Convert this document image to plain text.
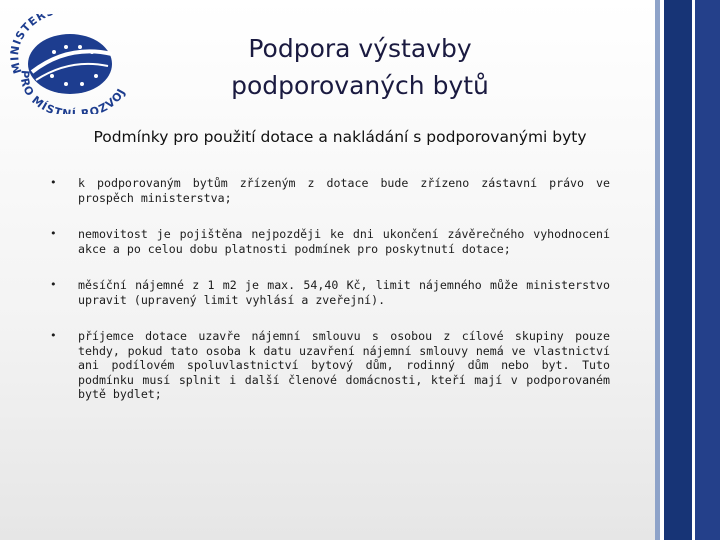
MINISTER
PRO MÍSTN ROZVOJ
Podpora výstavby podporovaných bytů
Podmínky pro použití dotace a nakládání s podporovanými byty
• k podporovaným bytům zřízeným z dotace bude zřízeno zástavní právo ve prospěch ministerstva;
• nemovitost je pojištěna nejpozději ke dni ukončení závěrečného vyhodnocení akce a po celou dobu platnosti podmínek pro poskytnutí dotace;
• měsíční nájemné z 1 m2 je max. 54,40 Kč, limit nájemného může ministerstvo upravit (upravený limit vyhlásí a zveřejní).
• příjemce dotace uzavře nájemní smlouvu s osobou z cílové skupiny pouze tehdy, pokud tato osoba k datu uzavření nájemní smlouvy nemá ve vlastnictví ani podílovém spoluvlastnictví bytový dům, rodinný dům nebo byt. Tuto podmínku musí splnit i další členové domácnosti, kteří mají v podporovaném bytě bydlet;
